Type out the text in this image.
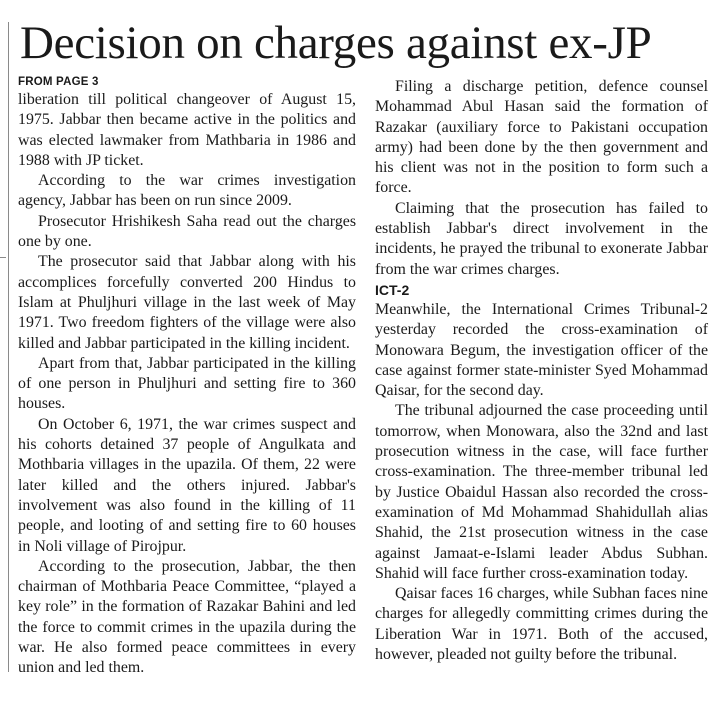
Decision on charges against ex-JP
FROM PAGE 3

liberation till political changeover of August 15, 1975. Jabbar then became active in the politics and was elected lawmaker from Mathbaria in 1986 and 1988 with JP ticket.

According to the war crimes investigation agency, Jabbar has been on run since 2009.

Prosecutor Hrishikesh Saha read out the charges one by one.

The prosecutor said that Jabbar along with his accomplices forcefully converted 200 Hindus to Islam at Phuljhuri village in the last week of May 1971. Two freedom fighters of the village were also killed and Jabbar participated in the killing incident.

Apart from that, Jabbar participated in the killing of one person in Phuljhuri and setting fire to 360 houses.

On October 6, 1971, the war crimes suspect and his cohorts detained 37 people of Angulkata and Mothbaria villages in the upazila. Of them, 22 were later killed and the others injured. Jabbar's involvement was also found in the killing of 11 people, and looting of and setting fire to 60 houses in Noli village of Pirojpur.

According to the prosecution, Jabbar, the then chairman of Mothbaria Peace Committee, “played a key role” in the formation of Razakar Bahini and led the force to commit crimes in the upazila during the war. He also formed peace committees in every union and led them.

Filing a discharge petition, defence counsel Mohammad Abul Hasan said the formation of Razakar (auxiliary force to Pakistani occupation army) had been done by the then government and his client was not in the position to form such a force.

Claiming that the prosecution has failed to establish Jabbar's direct involvement in the incidents, he prayed the tribunal to exonerate Jabbar from the war crimes charges.

ICT-2

Meanwhile, the International Crimes Tribunal-2 yesterday recorded the cross-examination of Monowara Begum, the investigation officer of the case against former state-minister Syed Mohammad Qaisar, for the second day.

The tribunal adjourned the case proceeding until tomorrow, when Monowara, also the 32nd and last prosecution witness in the case, will face further cross-examination. The three-member tribunal led by Justice Obaidul Hassan also recorded the cross-examination of Md Mohammad Shahidullah alias Shahid, the 21st prosecution witness in the case against Jamaat-e-Islami leader Abdus Subhan. Shahid will face further cross-examination today.

Qaisar faces 16 charges, while Subhan faces nine charges for allegedly committing crimes during the Liberation War in 1971. Both of the accused, however, pleaded not guilty before the tribunal.
